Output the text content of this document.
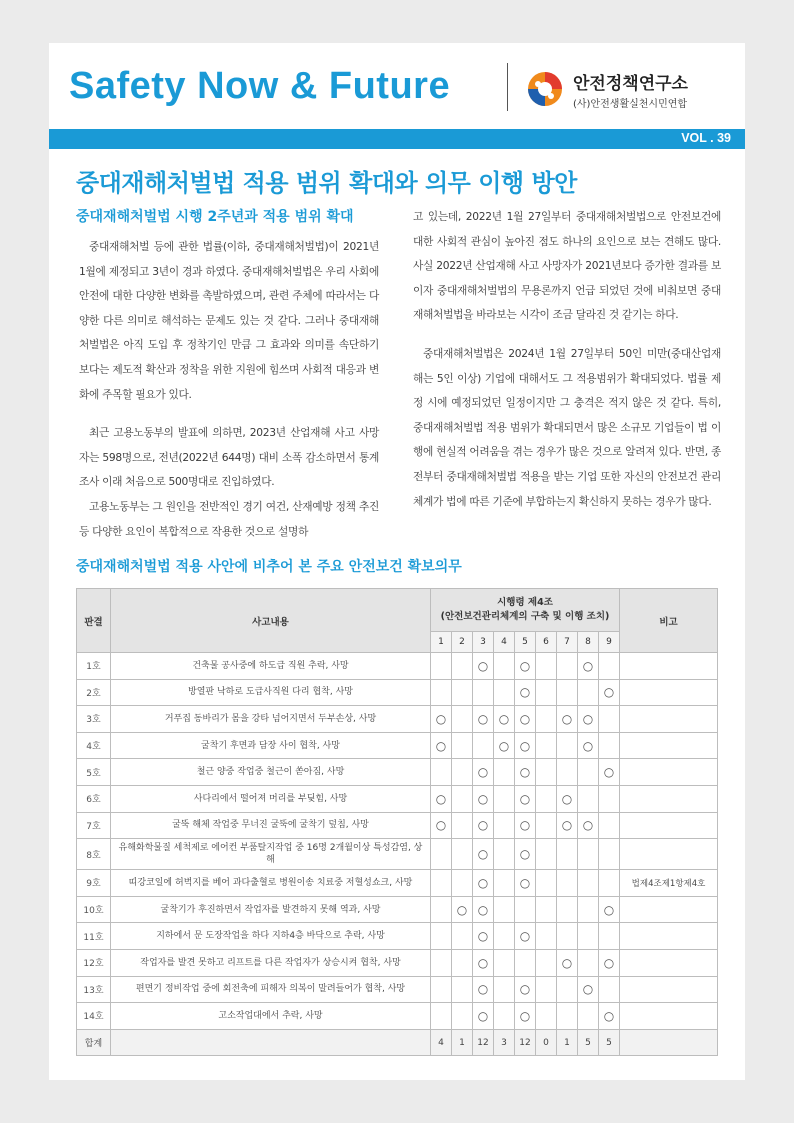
Safety Now & Future	안전정책연구소
(사)안전생활실천시민연합
VOL . 39
중대재해처벌법 적용 범위 확대와 의무 이행 방안
중대재해처벌법 시행 2주년과 적용 범위 확대

중대재해처벌 등에 관한 법률(이하, 중대재해처벌법)이 2021년 1월에 제정되고 3년이 경과 하였다. 중대재해처벌법은 우리 사회에 안전에 대한 다양한 변화를 촉발하였으며, 관련 주체에 따라서는 다양한 다른 의미로 해석하는 문제도 있는 것 같다. 그러나 중대재해처벌법은 아직 도입 후 정착기인 만큼 그 효과와 의미를 속단하기 보다는 제도적 확산과 정착을 위한 지원에 힘쓰며 사회적 대응과 변화에 주목할 필요가 있다.

최근 고용노동부의 발표에 의하면, 2023년 산업재해 사고 사망자는 598명으로, 전년(2022년 644명) 대비 소폭 감소하면서 통계 조사 이래 처음으로 500명대로 진입하였다.

고용노동부는 그 원인을 전반적인 경기 여건, 산재예방 정책 추진 등 다양한 요인이 복합적으로 작용한 것으로 설명하

고 있는데, 2022년 1월 27일부터 중대재해처벌법으로 안전보건에 대한 사회적 관심이 높아진 점도 하나의 요인으로 보는 견해도 많다. 사실 2022년 산업재해 사고 사망자가 2021년보다 증가한 결과를 보이자 중대재해처벌법의 무용론까지 언급 되었던 것에 비춰보면 중대재해처벌법을 바라보는 시각이 조금 달라진 것 같기는 하다.

중대재해처벌법은 2024년 1월 27일부터 50인 미만(중대산업재해는 5인 이상) 기업에 대해서도 그 적용범위가 확대되었다. 법률 제정 시에 예정되었던 일정이지만 그 충격은 적지 않은 것 같다. 특히, 중대재해처벌법 적용 범위가 확대되면서 많은 소규모 기업들이 법 이행에 현실적 어려움을 겪는 경우가 많은 것으로 알려져 있다. 반면, 종전부터 중대재해처벌법 적용을 받는 기업 또한 자신의 안전보건 관리체계가 법에 따른 기준에 부합하는지 확신하지 못하는 경우가 많다.

중대재해처벌법 적용 사안에 비추어 본 주요 안전보건 확보의무
판결	사고내용	시행령 제4조
(안전보건관리체계의 구축 및 이행 조치)									비고
		1	2	3	4	5	6	7	8	9	
1호	건축물 공사중에 하도급 직원 추락, 사망			○		○			○		
2호	방열판 낙하로 도급사직원 다리 협착, 사망					○				○	
3호	거푸집 동바리가 몸을 강타 넘어지면서 두부손상, 사망	○		○	○	○		○	○		
4호	굴착기 후면과 담장 사이 협착, 사망	○			○	○			○		
5호	철근 양중 작업중 철근이 쏟아짐, 사망			○		○				○	
6호	사다리에서 떨어져 머리를 부딪힘, 사망	○		○		○		○			
7호	굴뚝 해체 작업중 무너진 굴뚝에 굴착기 덮침, 사망	○		○		○		○	○		
8호	유해화학물질 세척제로 에어컨 부품탈지작업 중 16명 2개월이상 특성감염, 상해			○		○					
9호	띠강코일에 허벅지를 베어 과다출혈로 병원이송 치료중 저혈성쇼크, 사망			○		○					법제4조제1항제4호
10호	굴착기가 후진하면서 작업자를 발견하지 못해 역과, 사망		○	○						○	
11호	지하에서 문 도장작업을 하다 지하4층 바닥으로 추락, 사망			○		○					
12호	작업자를 발견 못하고 리프트를 다른 작업자가 상승시켜 협착, 사망			○				○		○	
13호	편면기 정비작업 중에 회전축에 피해자 의복이 말려들어가 협착, 사망			○		○			○		
14호	고소작업대에서 추락, 사망			○		○				○	
합계		4	1	12	3	12	0	1	5	5	
